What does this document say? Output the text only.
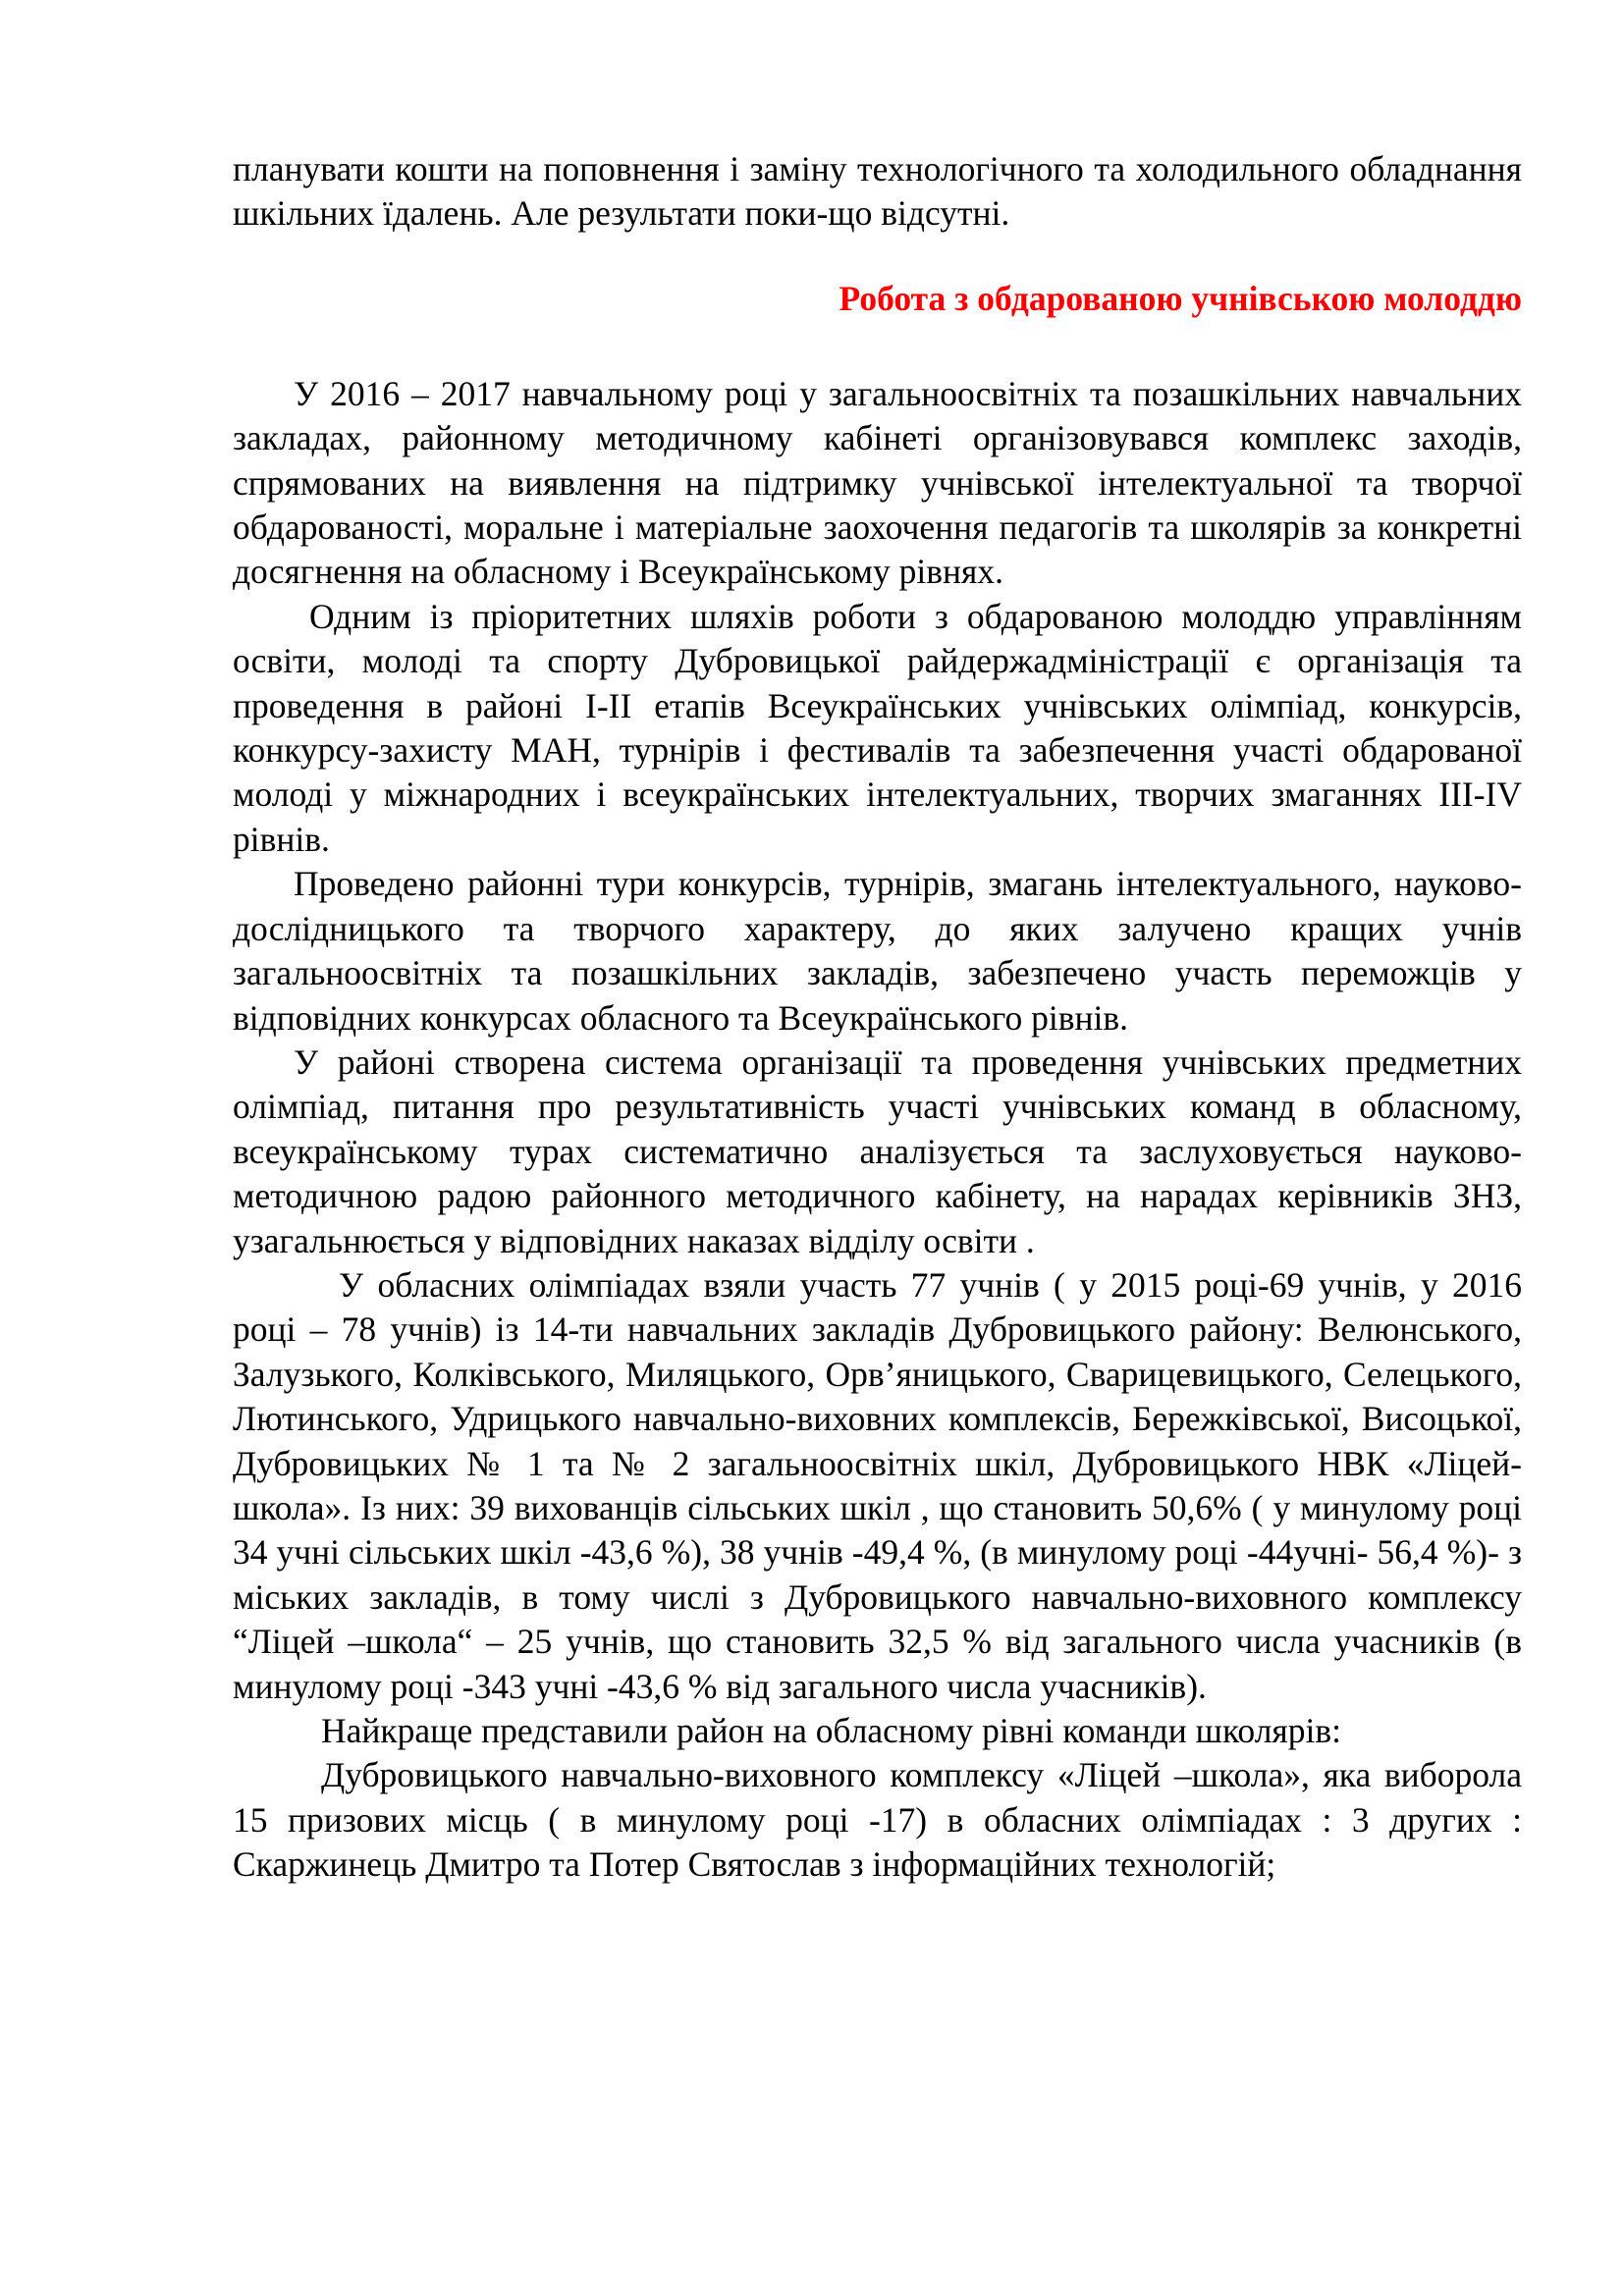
планувати кошти на поповнення і заміну технологічного та холодильного обладнання шкільних їдалень. Але результати поки-що відсутні.

Робота з обдарованою учнівською молоддю

У 2016 – 2017 навчальному році у загальноосвітніх та позашкільних навчальних закладах, районному методичному кабінеті організовувався комплекс заходів, спрямованих на виявлення на підтримку учнівської інтелектуальної та творчої обдарованості, моральне і матеріальне заохочення педагогів та школярів за конкретні досягнення на обласному і Всеукраїнському рівнях.

Одним із пріоритетних шляхів роботи з обдарованою молоддю управлінням освіти, молоді та спорту Дубровицької райдержадміністрації є організація та проведення в районі І-ІІ етапів Всеукраїнських учнівських олімпіад, конкурсів, конкурсу-захисту МАН, турнірів і фестивалів та забезпечення участі обдарованої молоді у міжнародних і всеукраїнських інтелектуальних, творчих змаганнях ІІІ-ІV рівнів.

Проведено районні тури конкурсів, турнірів, змагань інтелектуального, науково-дослідницького та творчого характеру, до яких залучено кращих учнів загальноосвітніх та позашкільних закладів, забезпечено участь переможців у відповідних конкурсах обласного та Всеукраїнського рівнів.

У районі створена система організації та проведення учнівських предметних олімпіад, питання про результативність участі учнівських команд в обласному, всеукраїнському турах систематично аналізується та заслуховується науково-методичною радою районного методичного кабінету, на нарадах керівників ЗНЗ, узагальнюється у відповідних наказах відділу освіти .

У обласних олімпіадах взяли участь 77 учнів ( у 2015 році-69 учнів, у 2016 році – 78 учнів) із 14-ти навчальних закладів Дубровицького району: Велюнського, Залузького, Колківського, Миляцького, Орв’яницького, Сварицевицького, Селецького, Лютинського, Удрицького навчально-виховних комплексів, Бережківської, Висоцької, Дубровицьких № 1 та № 2 загальноосвітніх шкіл, Дубровицького НВК «Ліцей-школа». Із них: 39 вихованців сільських шкіл , що становить 50,6% ( у минулому році 34 учні сільських шкіл -43,6 %), 38 учнів -49,4 %, (в минулому році -44учні- 56,4 %)- з міських закладів, в тому числі з Дубровицького навчально-виховного комплексу “Ліцей –школа“ – 25 учнів, що становить 32,5 % від загального числа учасників (в минулому році -343 учні -43,6 % від загального числа учасників).

Найкраще представили район на обласному рівні команди школярів:

Дубровицького навчально-виховного комплексу «Ліцей –школа», яка виборола 15 призових місць ( в минулому році -17) в обласних олімпіадах : 3 других : Скаржинець Дмитро та Потер Святослав з інформаційних технологій;
